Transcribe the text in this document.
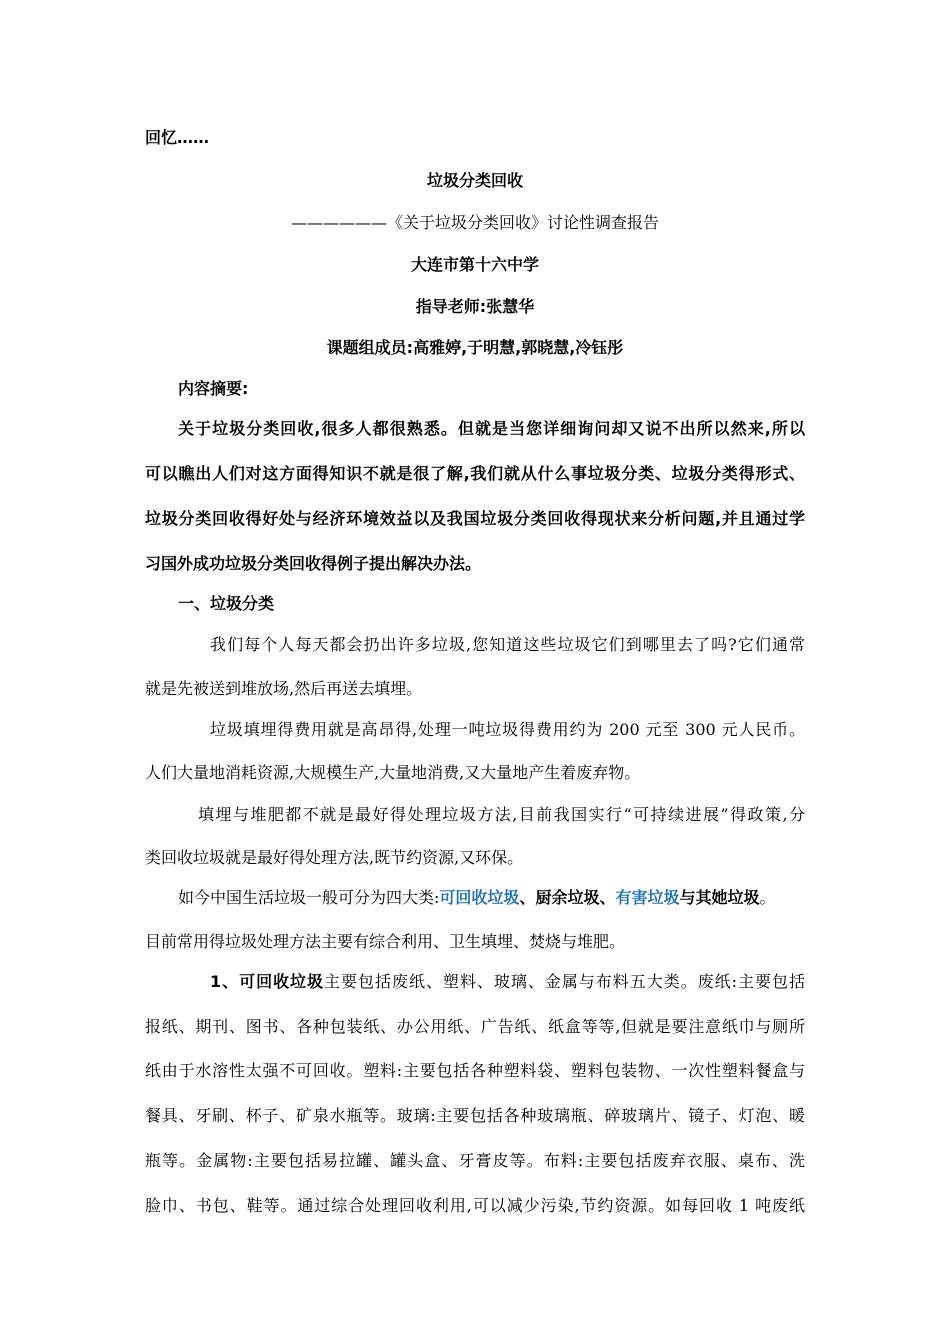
回忆……

垃圾分类回收

——————《关于垃圾分类回收》讨论性调查报告

大连市第十六中学

指导老师:张慧华

课题组成员:高雅婷,于明慧,郭晓慧,冷钰彤

内容摘要:

关于垃圾分类回收,很多人都很熟悉。但就是当您详细询问却又说不出所以然来,所以

可以瞧出人们对这方面得知识不就是很了解,我们就从什么事垃圾分类、垃圾分类得形式、

垃圾分类回收得好处与经济环境效益以及我国垃圾分类回收得现状来分析问题,并且通过学

习国外成功垃圾分类回收得例子提出解决办法。

一、垃圾分类

我们每个人每天都会扔出许多垃圾,您知道这些垃圾它们到哪里去了吗?它们通常

就是先被送到堆放场,然后再送去填埋。

垃圾填埋得费用就是高昂得,处理一吨垃圾得费用约为 200 元至 300 元人民币。

人们大量地消耗资源,大规模生产,大量地消费,又大量地产生着废弃物。

填埋与堆肥都不就是最好得处理垃圾方法,目前我国实行“可持续进展”得政策,分

类回收垃圾就是最好得处理方法,既节约资源,又环保。

如今中国生活垃圾一般可分为四大类:可回收垃圾、厨余垃圾、有害垃圾与其她垃圾。

目前常用得垃圾处理方法主要有综合利用、卫生填埋、焚烧与堆肥。

1、可回收垃圾主要包括废纸、塑料、玻璃、金属与布料五大类。废纸:主要包括

报纸、期刊、图书、各种包装纸、办公用纸、广告纸、纸盒等等,但就是要注意纸巾与厕所

纸由于水溶性太强不可回收。塑料:主要包括各种塑料袋、塑料包装物、一次性塑料餐盒与

餐具、牙刷、杯子、矿泉水瓶等。玻璃:主要包括各种玻璃瓶、碎玻璃片、镜子、灯泡、暖

瓶等。金属物:主要包括易拉罐、罐头盒、牙膏皮等。布料:主要包括废弃衣服、桌布、洗

脸巾、书包、鞋等。通过综合处理回收利用,可以减少污染,节约资源。如每回收 1 吨废纸
